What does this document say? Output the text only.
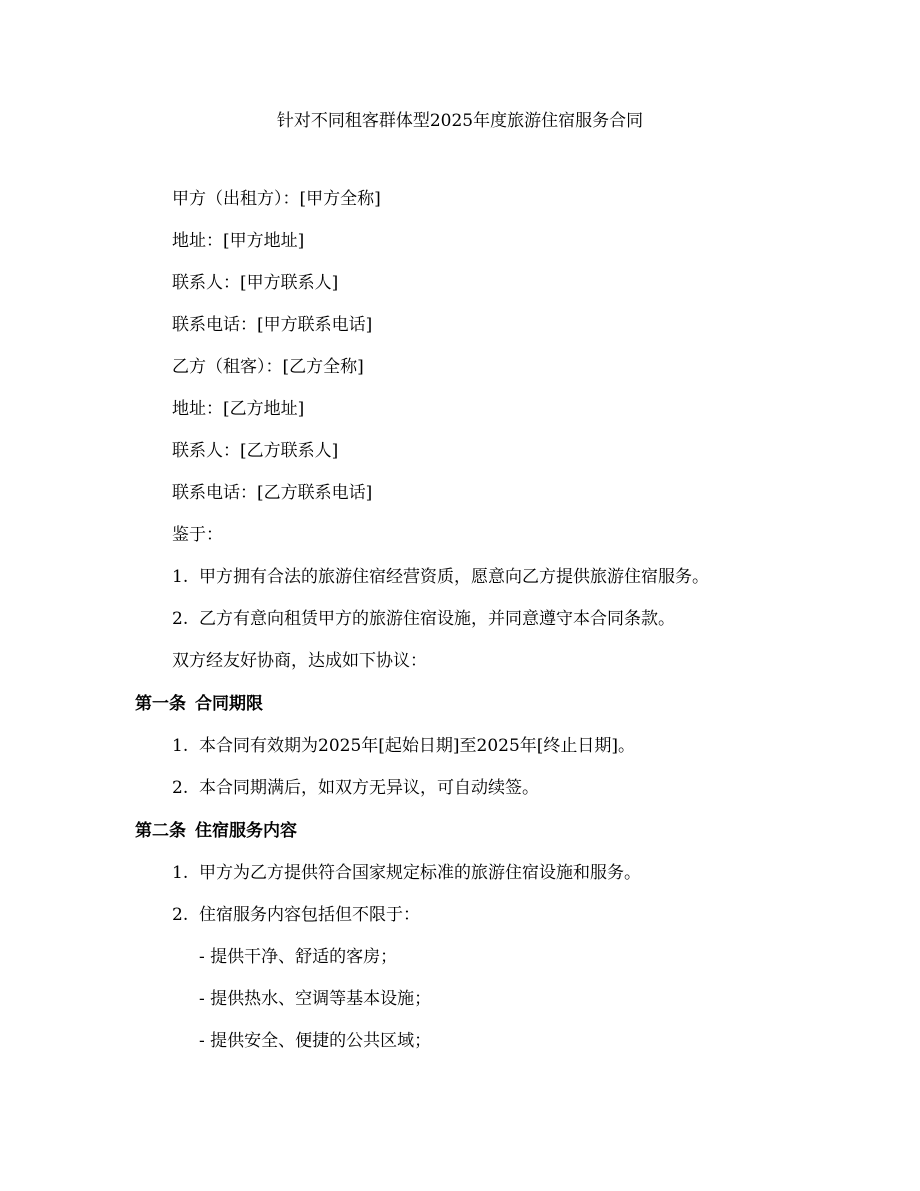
针对不同租客群体型2025年度旅游住宿服务合同
甲方（出租方）：[甲方全称]
地址：[甲方地址]
联系人：[甲方联系人]
联系电话：[甲方联系电话]
乙方（租客）：[乙方全称]
地址：[乙方地址]
联系人：[乙方联系人]
联系电话：[乙方联系电话]
鉴于：
1. 甲方拥有合法的旅游住宿经营资质，愿意向乙方提供旅游住宿服务。
2. 乙方有意向租赁甲方的旅游住宿设施，并同意遵守本合同条款。
双方经友好协商，达成如下协议：
第一条 合同期限
1. 本合同有效期为2025年[起始日期]至2025年[终止日期]。
2. 本合同期满后，如双方无异议，可自动续签。
第二条 住宿服务内容
1. 甲方为乙方提供符合国家规定标准的旅游住宿设施和服务。
2. 住宿服务内容包括但不限于：
- 提供干净、舒适的客房；
- 提供热水、空调等基本设施；
- 提供安全、便捷的公共区域；
